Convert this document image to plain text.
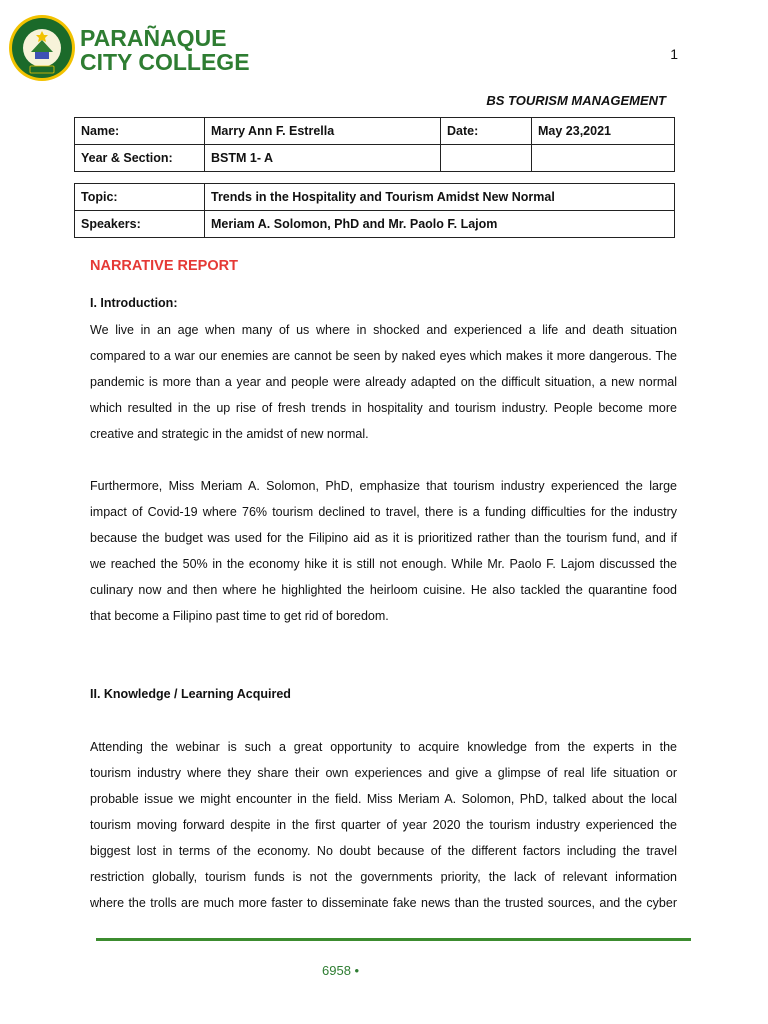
PARAÑAQUE
CITY COLLEGE	1
BS TOURISM MANAGEMENT
Name:	Marry Ann F. Estrella	Date:	May 23,2021
Year & Section:	BSTM 1- A		
Topic:	Trends in the Hospitality and Tourism Amidst New Normal
Speakers:	Meriam A. Solomon, PhD and Mr. Paolo F. Lajom
NARRATIVE REPORT
I. Introduction:
We live in an age when many of us where in shocked and experienced a life and death situation
compared to a war our enemies are cannot be seen by naked eyes which makes it more dangerous. The
pandemic is more than a year and people were already adapted on the difficult situation, a new normal
which resulted in the up rise of fresh trends in hospitality and tourism industry. People become more
creative and strategic in the amidst of new normal.
Furthermore, Miss Meriam A. Solomon, PhD, emphasize that tourism industry experienced the large
impact of Covid-19 where 76% tourism declined to travel, there is a funding difficulties for the industry
because the budget was used for the Filipino aid as it is prioritized rather than the tourism fund, and if
we reached the 50% in the economy hike it is still not enough. While Mr. Paolo F. Lajom discussed the
culinary now and then where he highlighted the heirloom cuisine. He also tackled the quarantine food
that become a Filipino past time to get rid of boredom.
II. Knowledge / Learning Acquired
Attending the webinar is such a great opportunity to acquire knowledge from the experts in the
tourism industry where they share their own experiences and give a glimpse of real life situation or
probable issue we might encounter in the field. Miss Meriam A. Solomon, PhD, talked about the local
tourism moving forward despite in the first quarter of year 2020 the tourism industry experienced the
biggest lost in terms of the economy. No doubt because of the different factors including the travel
restriction globally, tourism funds is not the governments priority, the lack of relevant information
where the trolls are much more faster to disseminate fake news than the trusted sources, and the cyber
6958 •
